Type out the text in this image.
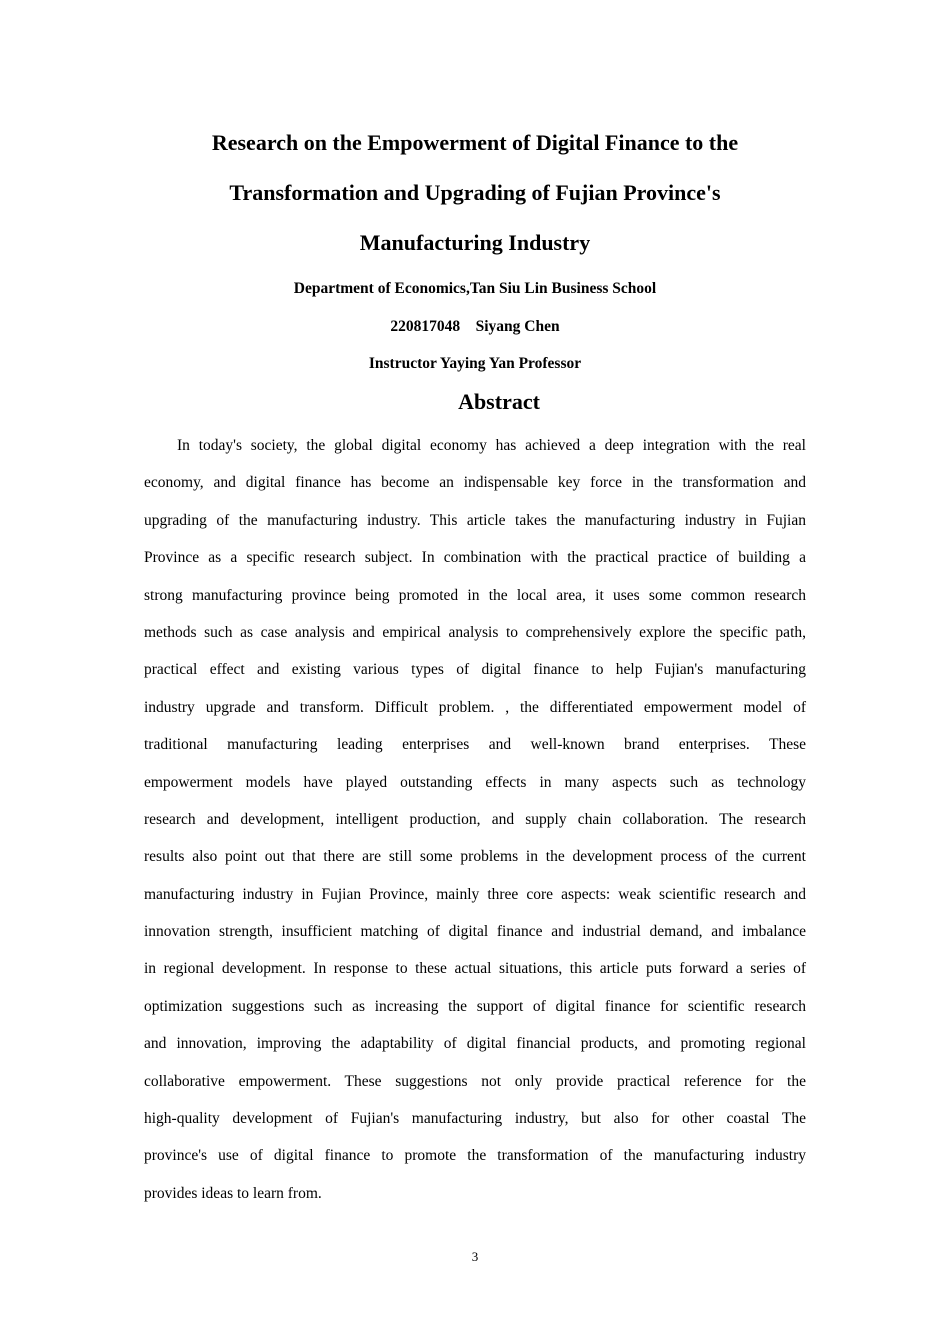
Research on the Empowerment of Digital Finance to the
Transformation and Upgrading of Fujian Province's
Manufacturing Industry
Department of Economics,Tan Siu Lin Business School
220817048    Siyang Chen
Instructor Yaying Yan Professor
Abstract
In today's society, the global digital economy has achieved a deep integration with the real
economy, and digital finance has become an indispensable key force in the transformation and
upgrading of the manufacturing industry. This article takes the manufacturing industry in Fujian
Province as a specific research subject. In combination with the practical practice of building a
strong manufacturing province being promoted in the local area, it uses some common research
methods such as case analysis and empirical analysis to comprehensively explore the specific path,
practical effect and existing various types of digital finance to help Fujian's manufacturing
industry upgrade and transform. Difficult problem. , the differentiated empowerment model of
traditional manufacturing leading enterprises and well-known brand enterprises. These
empowerment models have played outstanding effects in many aspects such as technology
research and development, intelligent production, and supply chain collaboration. The research
results also point out that there are still some problems in the development process of the current
manufacturing industry in Fujian Province, mainly three core aspects: weak scientific research and
innovation strength, insufficient matching of digital finance and industrial demand, and imbalance
in regional development. In response to these actual situations, this article puts forward a series of
optimization suggestions such as increasing the support of digital finance for scientific research
and innovation, improving the adaptability of digital financial products, and promoting regional
collaborative empowerment. These suggestions not only provide practical reference for the
high-quality development of Fujian's manufacturing industry, but also for other coastal The
province's use of digital finance to promote the transformation of the manufacturing industry
provides ideas to learn from.
3
